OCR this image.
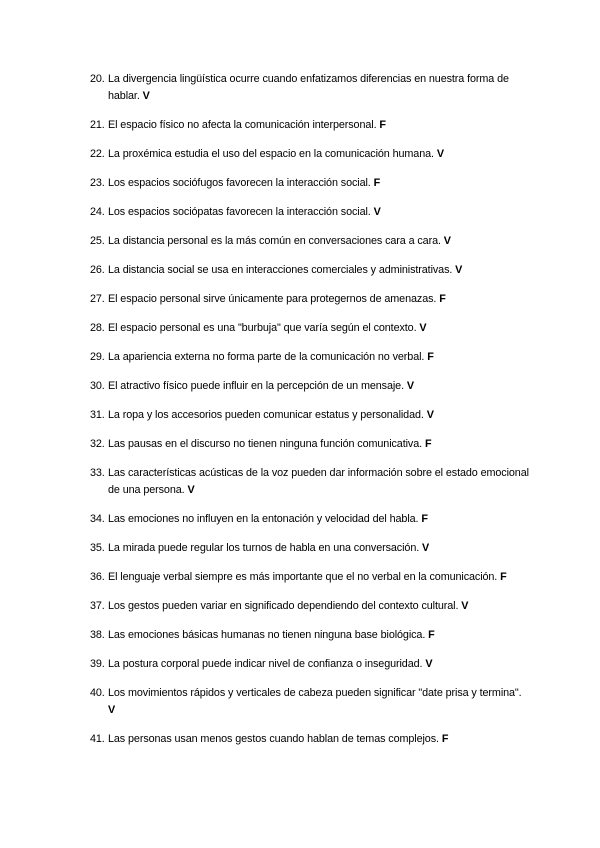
20. La divergencia lingüística ocurre cuando enfatizamos diferencias en nuestra forma de hablar. V
21. El espacio físico no afecta la comunicación interpersonal. F
22. La proxémica estudia el uso del espacio en la comunicación humana. V
23. Los espacios sociófugos favorecen la interacción social. F
24. Los espacios sociópatas favorecen la interacción social. V
25. La distancia personal es la más común en conversaciones cara a cara. V
26. La distancia social se usa en interacciones comerciales y administrativas. V
27. El espacio personal sirve únicamente para protegernos de amenazas. F
28. El espacio personal es una "burbuja" que varía según el contexto. V
29. La apariencia externa no forma parte de la comunicación no verbal. F
30. El atractivo físico puede influir en la percepción de un mensaje. V
31. La ropa y los accesorios pueden comunicar estatus y personalidad. V
32. Las pausas en el discurso no tienen ninguna función comunicativa. F
33. Las características acústicas de la voz pueden dar información sobre el estado emocional de una persona. V
34. Las emociones no influyen en la entonación y velocidad del habla. F
35. La mirada puede regular los turnos de habla en una conversación. V
36. El lenguaje verbal siempre es más importante que el no verbal en la comunicación. F
37. Los gestos pueden variar en significado dependiendo del contexto cultural. V
38. Las emociones básicas humanas no tienen ninguna base biológica. F
39. La postura corporal puede indicar nivel de confianza o inseguridad. V
40. Los movimientos rápidos y verticales de cabeza pueden significar "date prisa y termina". V
41. Las personas usan menos gestos cuando hablan de temas complejos. F
